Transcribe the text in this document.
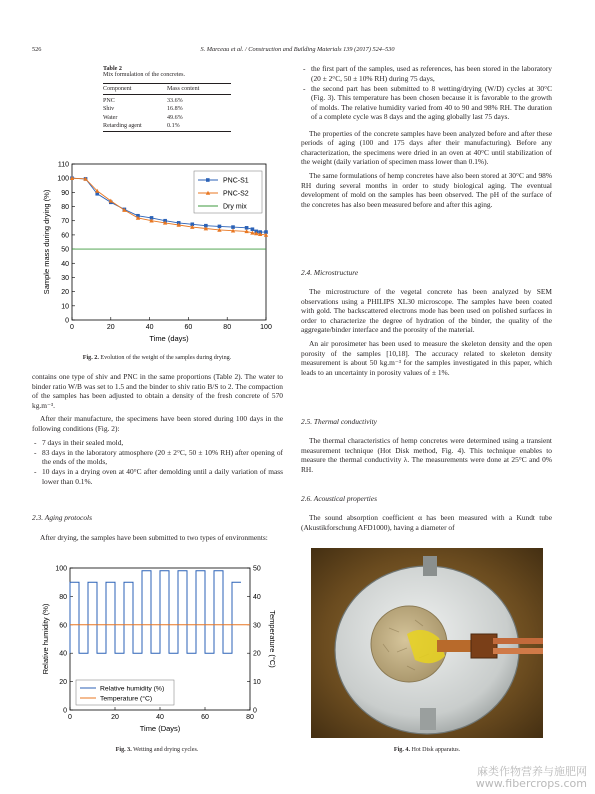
526	S. Marceau et al. / Construction and Building Materials 139 (2017) 524–530
Table 2
Mix formulation of the concretes.
Component	Mass content
PNC	33.6%
Shiv	16.8%
Water	49.6%
Retarding agent	0.1%
0
10
20
30
40
50
60
70
80
90
100
110
0	20	40	60	80	100
Time (days)
Sample mass during drying (%)
PNC-S1
PNC-S2
Dry mix
Fig. 2. Evolution of the weight of the samples during drying.

contains one type of shiv and PNC in the same proportions (Table 2). The water to binder ratio W/B was set to 1.5 and the binder to shiv ratio B/S to 2. The compaction of the samples has been adjusted to obtain a density of the fresh concrete of 570 kg.m⁻³.

After their manufacture, the specimens have been stored during 100 days in the following conditions (Fig. 2):

- 7 days in their sealed mold,
- 83 days in the laboratory atmosphere (20 ± 2°C, 50 ± 10% RH) after opening of the ends of the molds,
- 10 days in a drying oven at 40°C after demolding until a daily variation of mass lower than 0.1%.
2.3. Aging protocols

After drying, the samples have been submitted to two types of environments:

0
20
40
60
80
100
0
10
20
30
40
50
0	20	40	60	80
Time (Days)
Relative humidity (%)	Temperature (°C)
Relative humidity (%)
Temperature (°C)
Fig. 3. Wetting and drying cycles.
- the first part of the samples, used as references, has been stored in the laboratory (20 ± 2°C, 50 ± 10% RH) during 75 days,
- the second part has been submitted to 8 wetting/drying (W/D) cycles at 30°C (Fig. 3). This temperature has been chosen because it is favorable to the growth of molds. The relative humidity varied from 40 to 90 and 98% RH. The duration of a complete cycle was 8 days and the aging globally last 75 days.

The properties of the concrete samples have been analyzed before and after these periods of aging (100 and 175 days after their manufacturing). Before any characterization, the specimens were dried in an oven at 40°C until stabilization of the weight (daily variation of specimen mass lower than 0.1%).

The same formulations of hemp concretes have also been stored at 30°C and 98% RH during several months in order to study biological aging. The eventual development of mold on the samples has been observed. The pH of the surface of the concretes has also been measured before and after this aging.

2.4. Microstructure

The microstructure of the vegetal concrete has been analyzed by SEM observations using a PHILIPS XL30 microscope. The samples have been coated with gold. The backscattered electrons mode has been used on polished surfaces in order to characterize the degree of hydration of the binder, the quality of the aggregate/binder interface and the porosity of the material.

An air porosimeter has been used to measure the skeleton density and the open porosity of the samples [10,18]. The accuracy related to skeleton density measurement is about 50 kg.m⁻³ for the samples investigated in this paper, which leads to an uncertainty in porosity values of ± 1%.

2.5. Thermal conductivity

The thermal characteristics of hemp concretes were determined using a transient measurement technique (Hot Disk method, Fig. 4). This technique enables to measure the thermal conductivity λ. The measurements were done at 25°C and 0% RH.

2.6. Acoustical properties

The sound absorption coefficient α has been measured with a Kundt tube (Akustikforschung AFD1000), having a diameter of

Fig. 4. Hot Disk apparatus.
麻类作物营养与施肥网
www.fibercrops.com
